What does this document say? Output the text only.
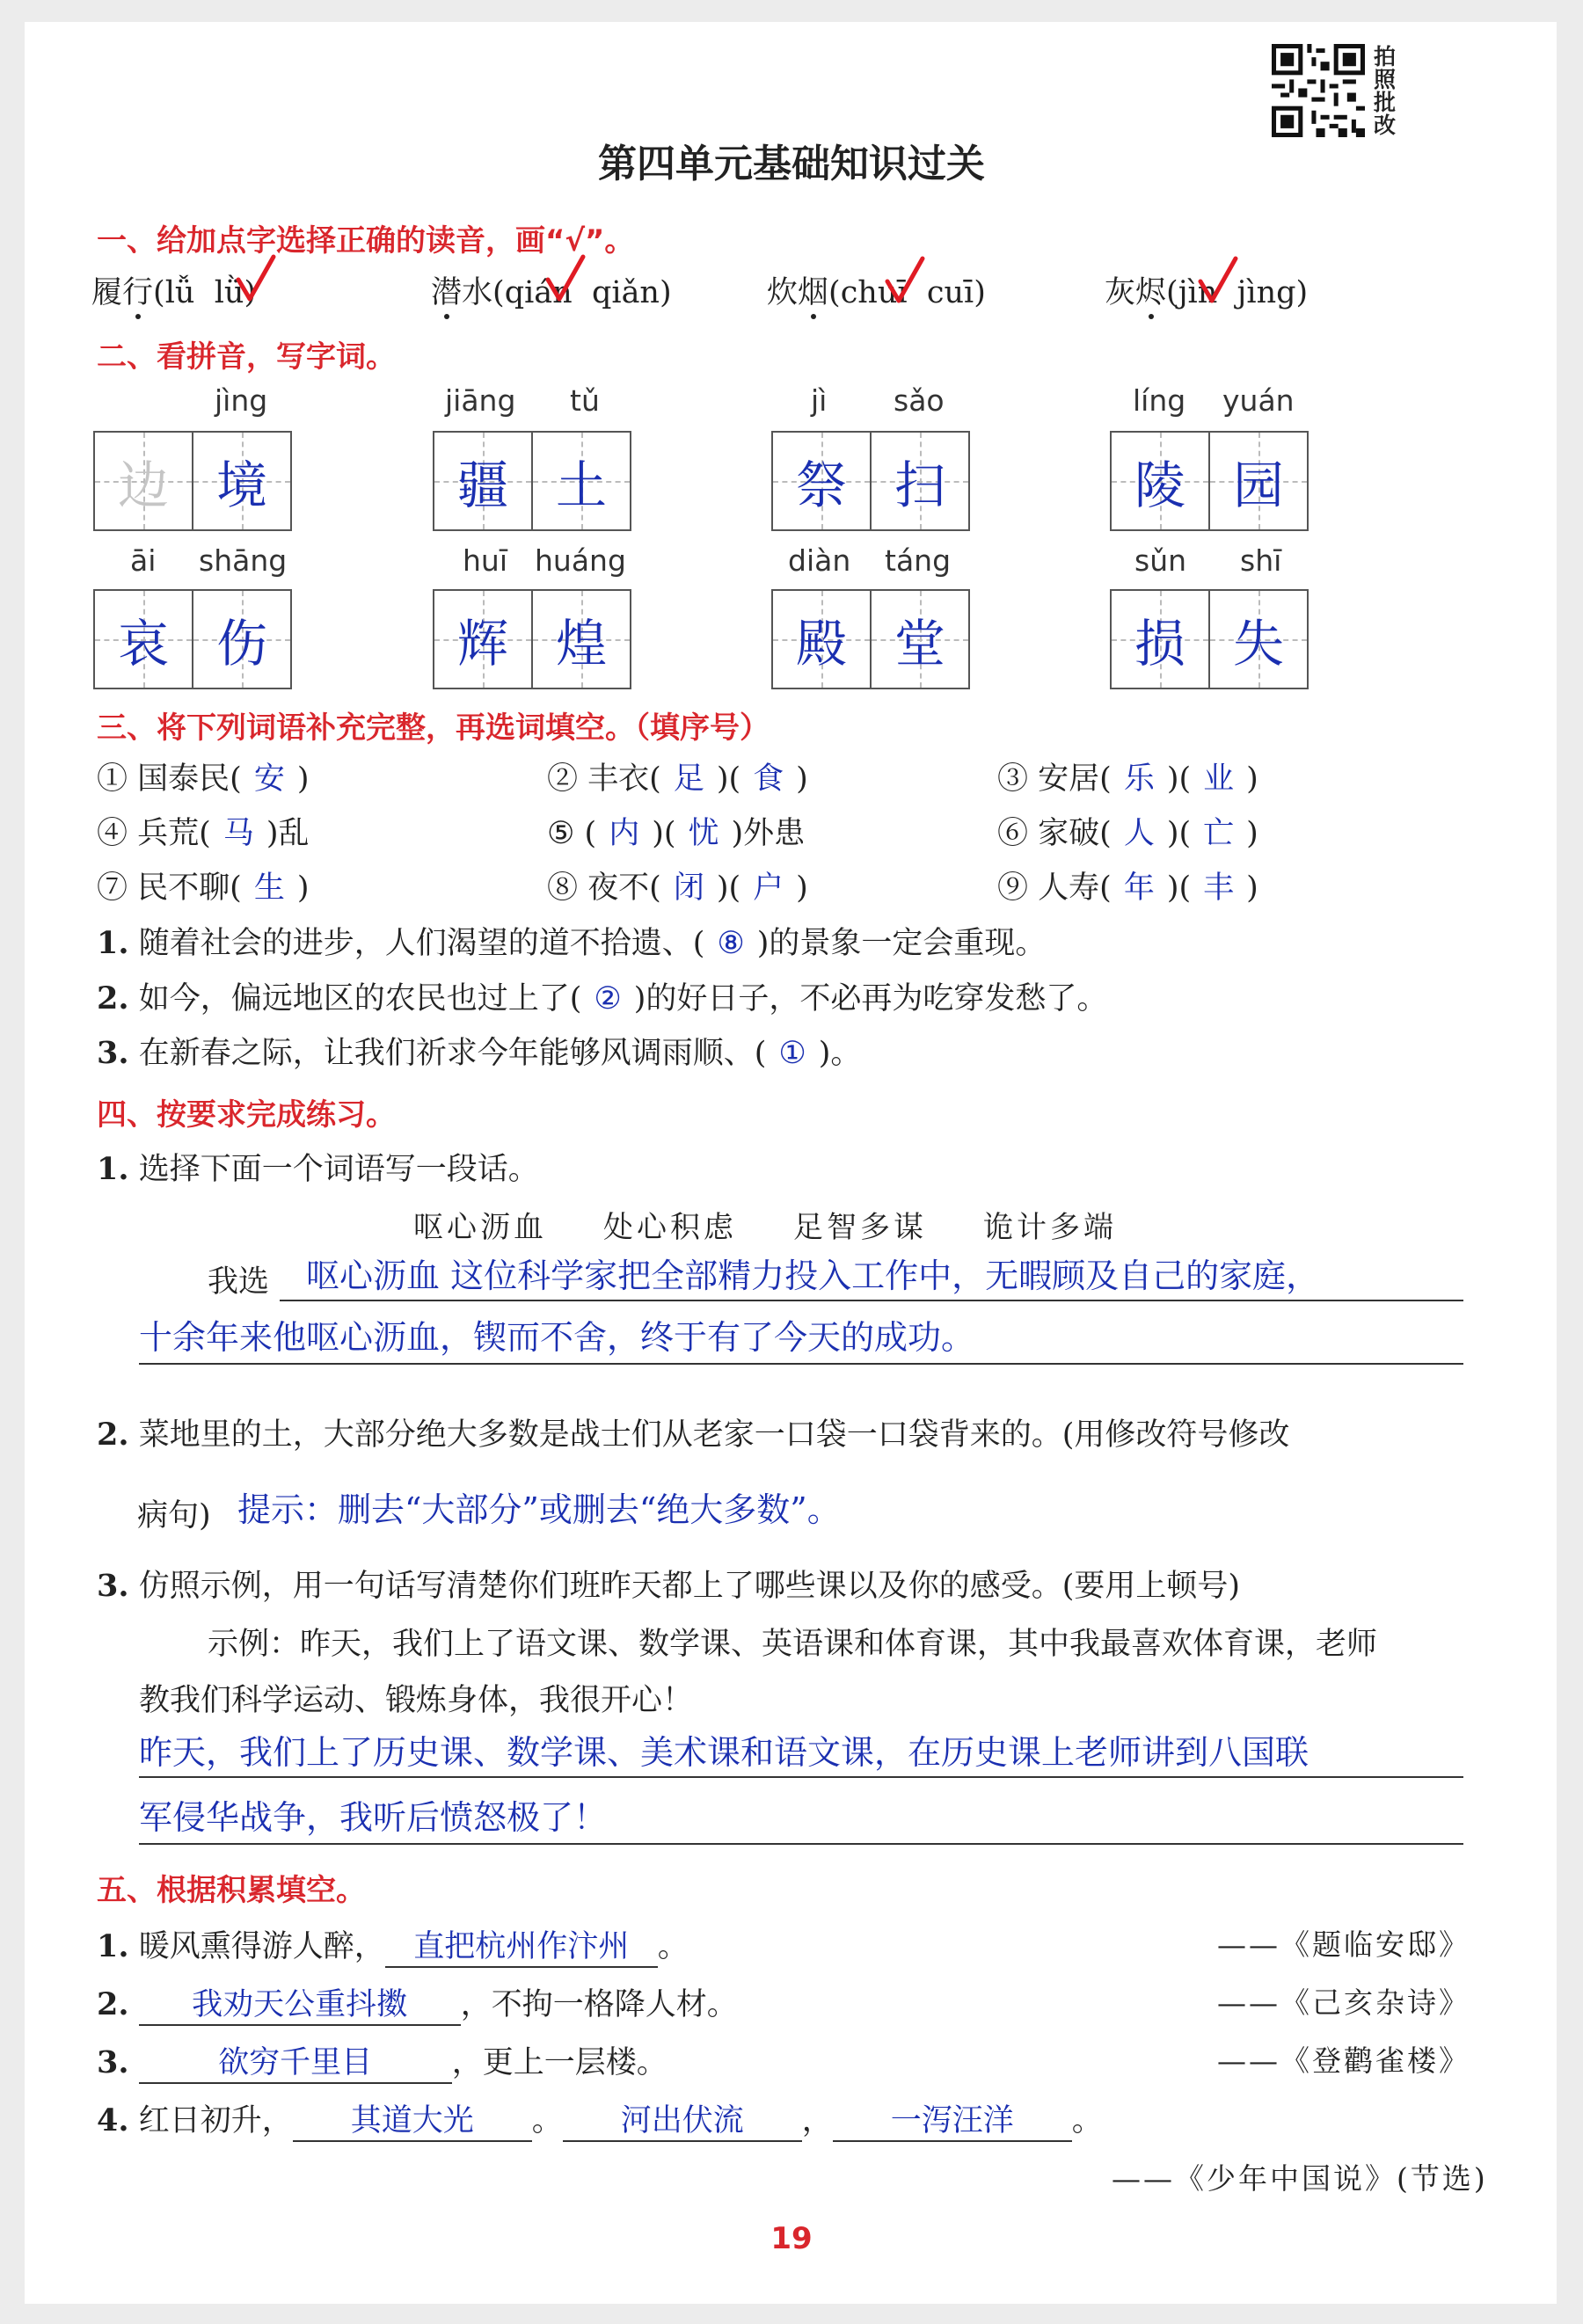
拍
照
批
改
第四单元基础知识过关
一、给加点字选择正确的读音，画“√”。
履行(lǚ lǜ)	潜水(qián qiǎn)	炊烟(chuī cuī)	灰烬(jìn jìng)
二、看拼音，写字词。
jìng
边 境
jiāng tǔ
疆 土
jì sǎo
祭 扫
líng yuán
陵 园
āi shāng
哀 伤
huī huáng
辉 煌
diàn táng
殿 堂
sǔn shī
损 失
三、将下列词语补充完整，再选词填空。（填序号）
① 国泰民( 安 )	② 丰衣( 足 )( 食 )	③ 安居( 乐 )( 业 )
④ 兵荒( 马 )乱	⑤ ( 内 )( 忧 )外患	⑥ 家破( 人 )( 亡 )
⑦ 民不聊( 生 )	⑧ 夜不( 闭 )( 户 )	⑨ 人寿( 年 )( 丰 )
1. 随着社会的进步，人们渴望的道不拾遗、( ⑧ )的景象一定会重现。
2. 如今，偏远地区的农民也过上了( ② )的好日子，不必再为吃穿发愁了。
3. 在新春之际，让我们祈求今年能够风调雨顺、( ① )。
四、按要求完成练习。
1. 选择下面一个词语写一段话。
呕心沥血 处心积虑 足智多谋 诡计多端
我选 呕心沥血 这位科学家把全部精力投入工作中，无暇顾及自己的家庭，
十余年来他呕心沥血，锲而不舍，终于有了今天的成功。
2. 菜地里的土，大部分绝大多数是战士们从老家一口袋一口袋背来的。(用修改符号修改
病句) 提示：删去“大部分”或删去“绝大多数”。
3. 仿照示例，用一句话写清楚你们班昨天都上了哪些课以及你的感受。(要用上顿号)
示例：昨天，我们上了语文课、数学课、英语课和体育课，其中我最喜欢体育课，老师
教我们科学运动、锻炼身体，我很开心！
昨天，我们上了历史课、数学课、美术课和语文课，在历史课上老师讲到八国联
军侵华战争，我听后愤怒极了！
五、根据积累填空。
1. 暖风熏得游人醉， 直把杭州作汴州 。	——《题临安邸》
2. 我劝天公重抖擞 ，不拘一格降人材。	——《己亥杂诗》
3.	欲穷千里目	，更上一层楼。	——《登鹳雀楼》
4. 红日初升， 其道大光 。 河出伏流 ， 一泻汪洋 。
——《少年中国说》(节选)
19
